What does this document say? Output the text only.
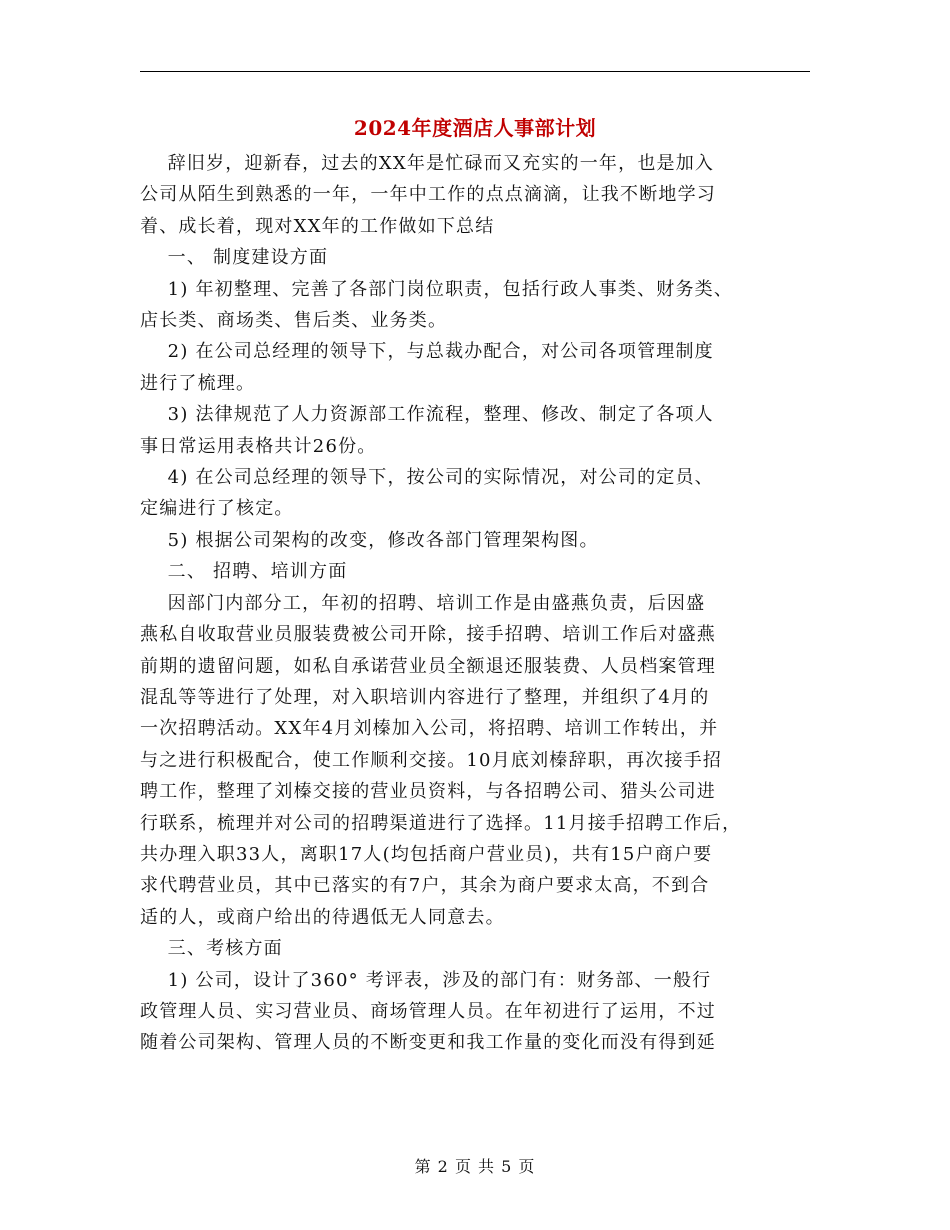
2024年度酒店人事部计划

辞旧岁，迎新春，过去的XX年是忙碌而又充实的一年，也是加入

公司从陌生到熟悉的一年，一年中工作的点点滴滴，让我不断地学习

着、成长着，现对XX年的工作做如下总结

一、 制度建设方面

1) 年初整理、完善了各部门岗位职责，包括行政人事类、财务类、

店长类、商场类、售后类、业务类。

2) 在公司总经理的领导下，与总裁办配合，对公司各项管理制度

进行了梳理。

3) 法律规范了人力资源部工作流程，整理、修改、制定了各项人

事日常运用表格共计26份。

4) 在公司总经理的领导下，按公司的实际情况，对公司的定员、

定编进行了核定。

5) 根据公司架构的改变，修改各部门管理架构图。

二、 招聘、培训方面

因部门内部分工，年初的招聘、培训工作是由盛燕负责，后因盛

燕私自收取营业员服装费被公司开除，接手招聘、培训工作后对盛燕

前期的遗留问题，如私自承诺营业员全额退还服装费、人员档案管理

混乱等等进行了处理，对入职培训内容进行了整理，并组织了4月的

一次招聘活动。XX年4月刘榛加入公司，将招聘、培训工作转出，并

与之进行积极配合，使工作顺利交接。10月底刘榛辞职，再次接手招

聘工作，整理了刘榛交接的营业员资料，与各招聘公司、猎头公司进

行联系，梳理并对公司的招聘渠道进行了选择。11月接手招聘工作后，

共办理入职33人，离职17人(均包括商户营业员)，共有15户商户要

求代聘营业员，其中已落实的有7户，其余为商户要求太高，不到合

适的人，或商户给出的待遇低无人同意去。

三、考核方面

1) 公司，设计了360° 考评表，涉及的部门有：财务部、一般行

政管理人员、实习营业员、商场管理人员。在年初进行了运用，不过

随着公司架构、管理人员的不断变更和我工作量的变化而没有得到延

第 2 页 共 5 页
